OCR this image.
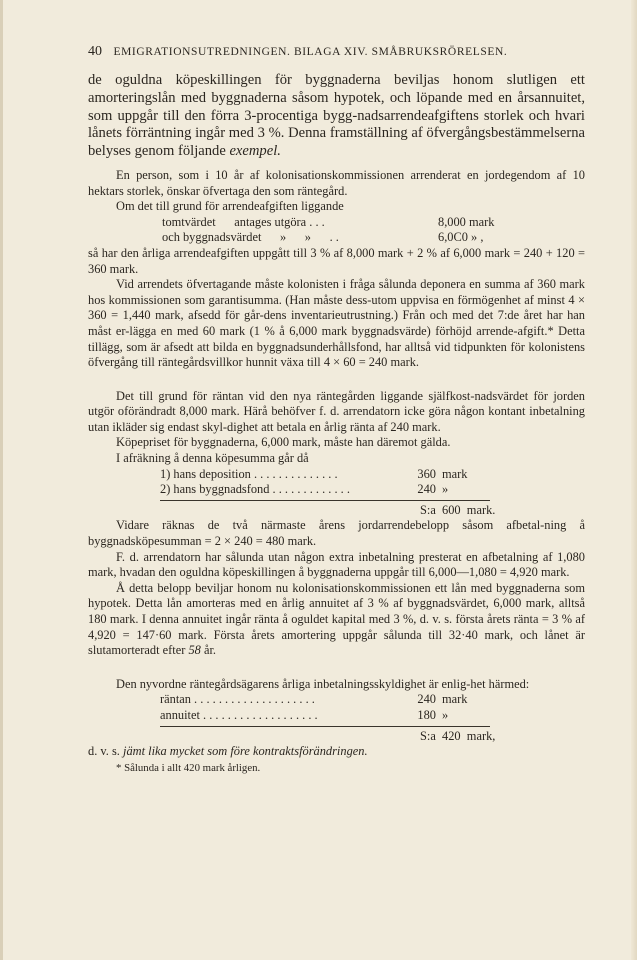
40 EMIGRATIONSUTREDNINGEN. BILAGA XIV. SMÅBRUKSRÖRELSEN.

de oguldna köpeskillingen för byggnaderna beviljas honom slutligen ett amorteringslån med byggnaderna såsom hypotek, och löpande med en årsannuitet, som uppgår till den förra 3-procentiga bygg-nadsarrendeafgiftens storlek och hvari lånets förräntning ingår med 3 %. Denna framställning af öfvergångsbestämmelserna belyses genom följande exempel.

En person, som i 10 år af kolonisationskommissionen arrenderat en jordegendom af 10 hektars storlek, önskar öfvertaga den som räntegård.

Om det till grund för arrendeafgiften liggande

tomtvärdet      antages utgöra . . .	8,000 mark
och byggnadsvärdet      »      »      . .	6,0C0 » ,

så har den årliga arrendeafgiften uppgått till 3 % af 8,000 mark + 2 % af 6,000 mark = 240 + 120 = 360 mark.

Vid arrendets öfvertagande måste kolonisten i fråga sålunda deponera en summa af 360 mark hos kommissionen som garantisumma. (Han måste dess-utom uppvisa en förmögenhet af minst 4 × 360 = 1,440 mark, afsedd för går-dens inventarieutrustning.) Från och med det 7:de året har han måst er-lägga en med 60 mark (1 % å 6,000 mark byggnadsvärde) förhöjd arrende-afgift.* Detta tillägg, som är afsedt att bilda en byggnadsunderhållsfond, har alltså vid tidpunkten för kolonistens öfvergång till räntegårdsvillkor hunnit växa till 4 × 60 = 240 mark.

Det till grund för räntan vid den nya räntegården liggande själfkost-nadsvärdet för jorden utgör oförändradt 8,000 mark. Härå behöfver f. d. arrendatorn icke göra någon kontant inbetalning utan ikläder sig endast skyl-dighet att betala en årlig ränta af 240 mark.

Köpepriset för byggnaderna, 6,000 mark, måste han däremot gälda.

I afräkning å denna köpesumma går då

1) hans deposition . . . . . . . . . . . . . .	360 mark
2) hans byggnadsfond . . . . . . . . . . . . .	240 »
S:a  600  mark.

Vidare räknas de två närmaste årens jordarrendebelopp såsom afbetal-ning å byggnadsköpesumman = 2 × 240 = 480 mark.

F. d. arrendatorn har sålunda utan någon extra inbetalning presterat en afbetalning af 1,080 mark, hvadan den oguldna köpeskillingen å byggnaderna uppgår till 6,000—1,080 = 4,920 mark.

Å detta belopp beviljar honom nu kolonisationskommissionen ett lån med byggnaderna som hypotek. Detta lån amorteras med en årlig annuitet af 3 % af byggnadsvärdet, 6,000 mark, alltså 180 mark. I denna annuitet ingår ränta å oguldet kapital med 3 %, d. v. s. första årets ränta = 3 % af 4,920 = 147·60 mark. Första årets amortering uppgår sålunda till 32·40 mark, och lånet är slutamorteradt efter 58 år.

Den nyvordne räntegårdsägarens årliga inbetalningsskyldighet är enlig-het härmed:

räntan . . . . . . . . . . . . . . . . . . . .	240 mark
annuitet . . . . . . . . . . . . . . . . . . .	180 »
S:a  420  mark,

d. v. s. jämt lika mycket som före kontraktsförändringen.

* Sålunda i allt 420 mark årligen.
